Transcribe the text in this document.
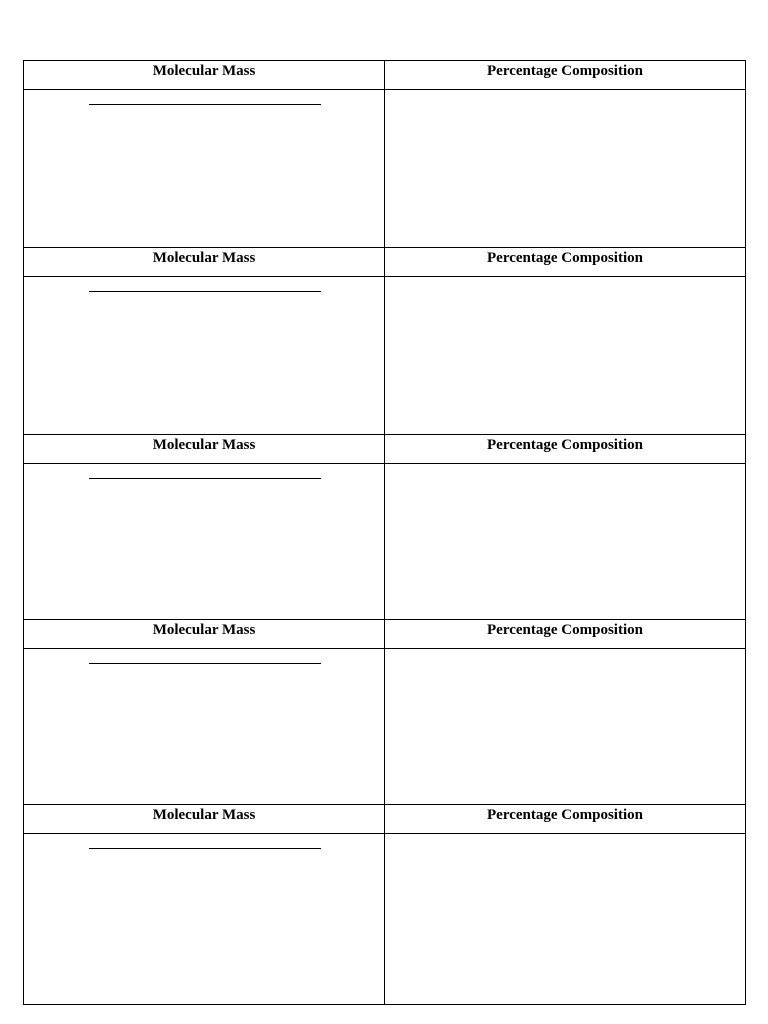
Molecular Mass	Percentage Composition

Molecular Mass	Percentage Composition

Molecular Mass	Percentage Composition

Molecular Mass	Percentage Composition

Molecular Mass	Percentage Composition
